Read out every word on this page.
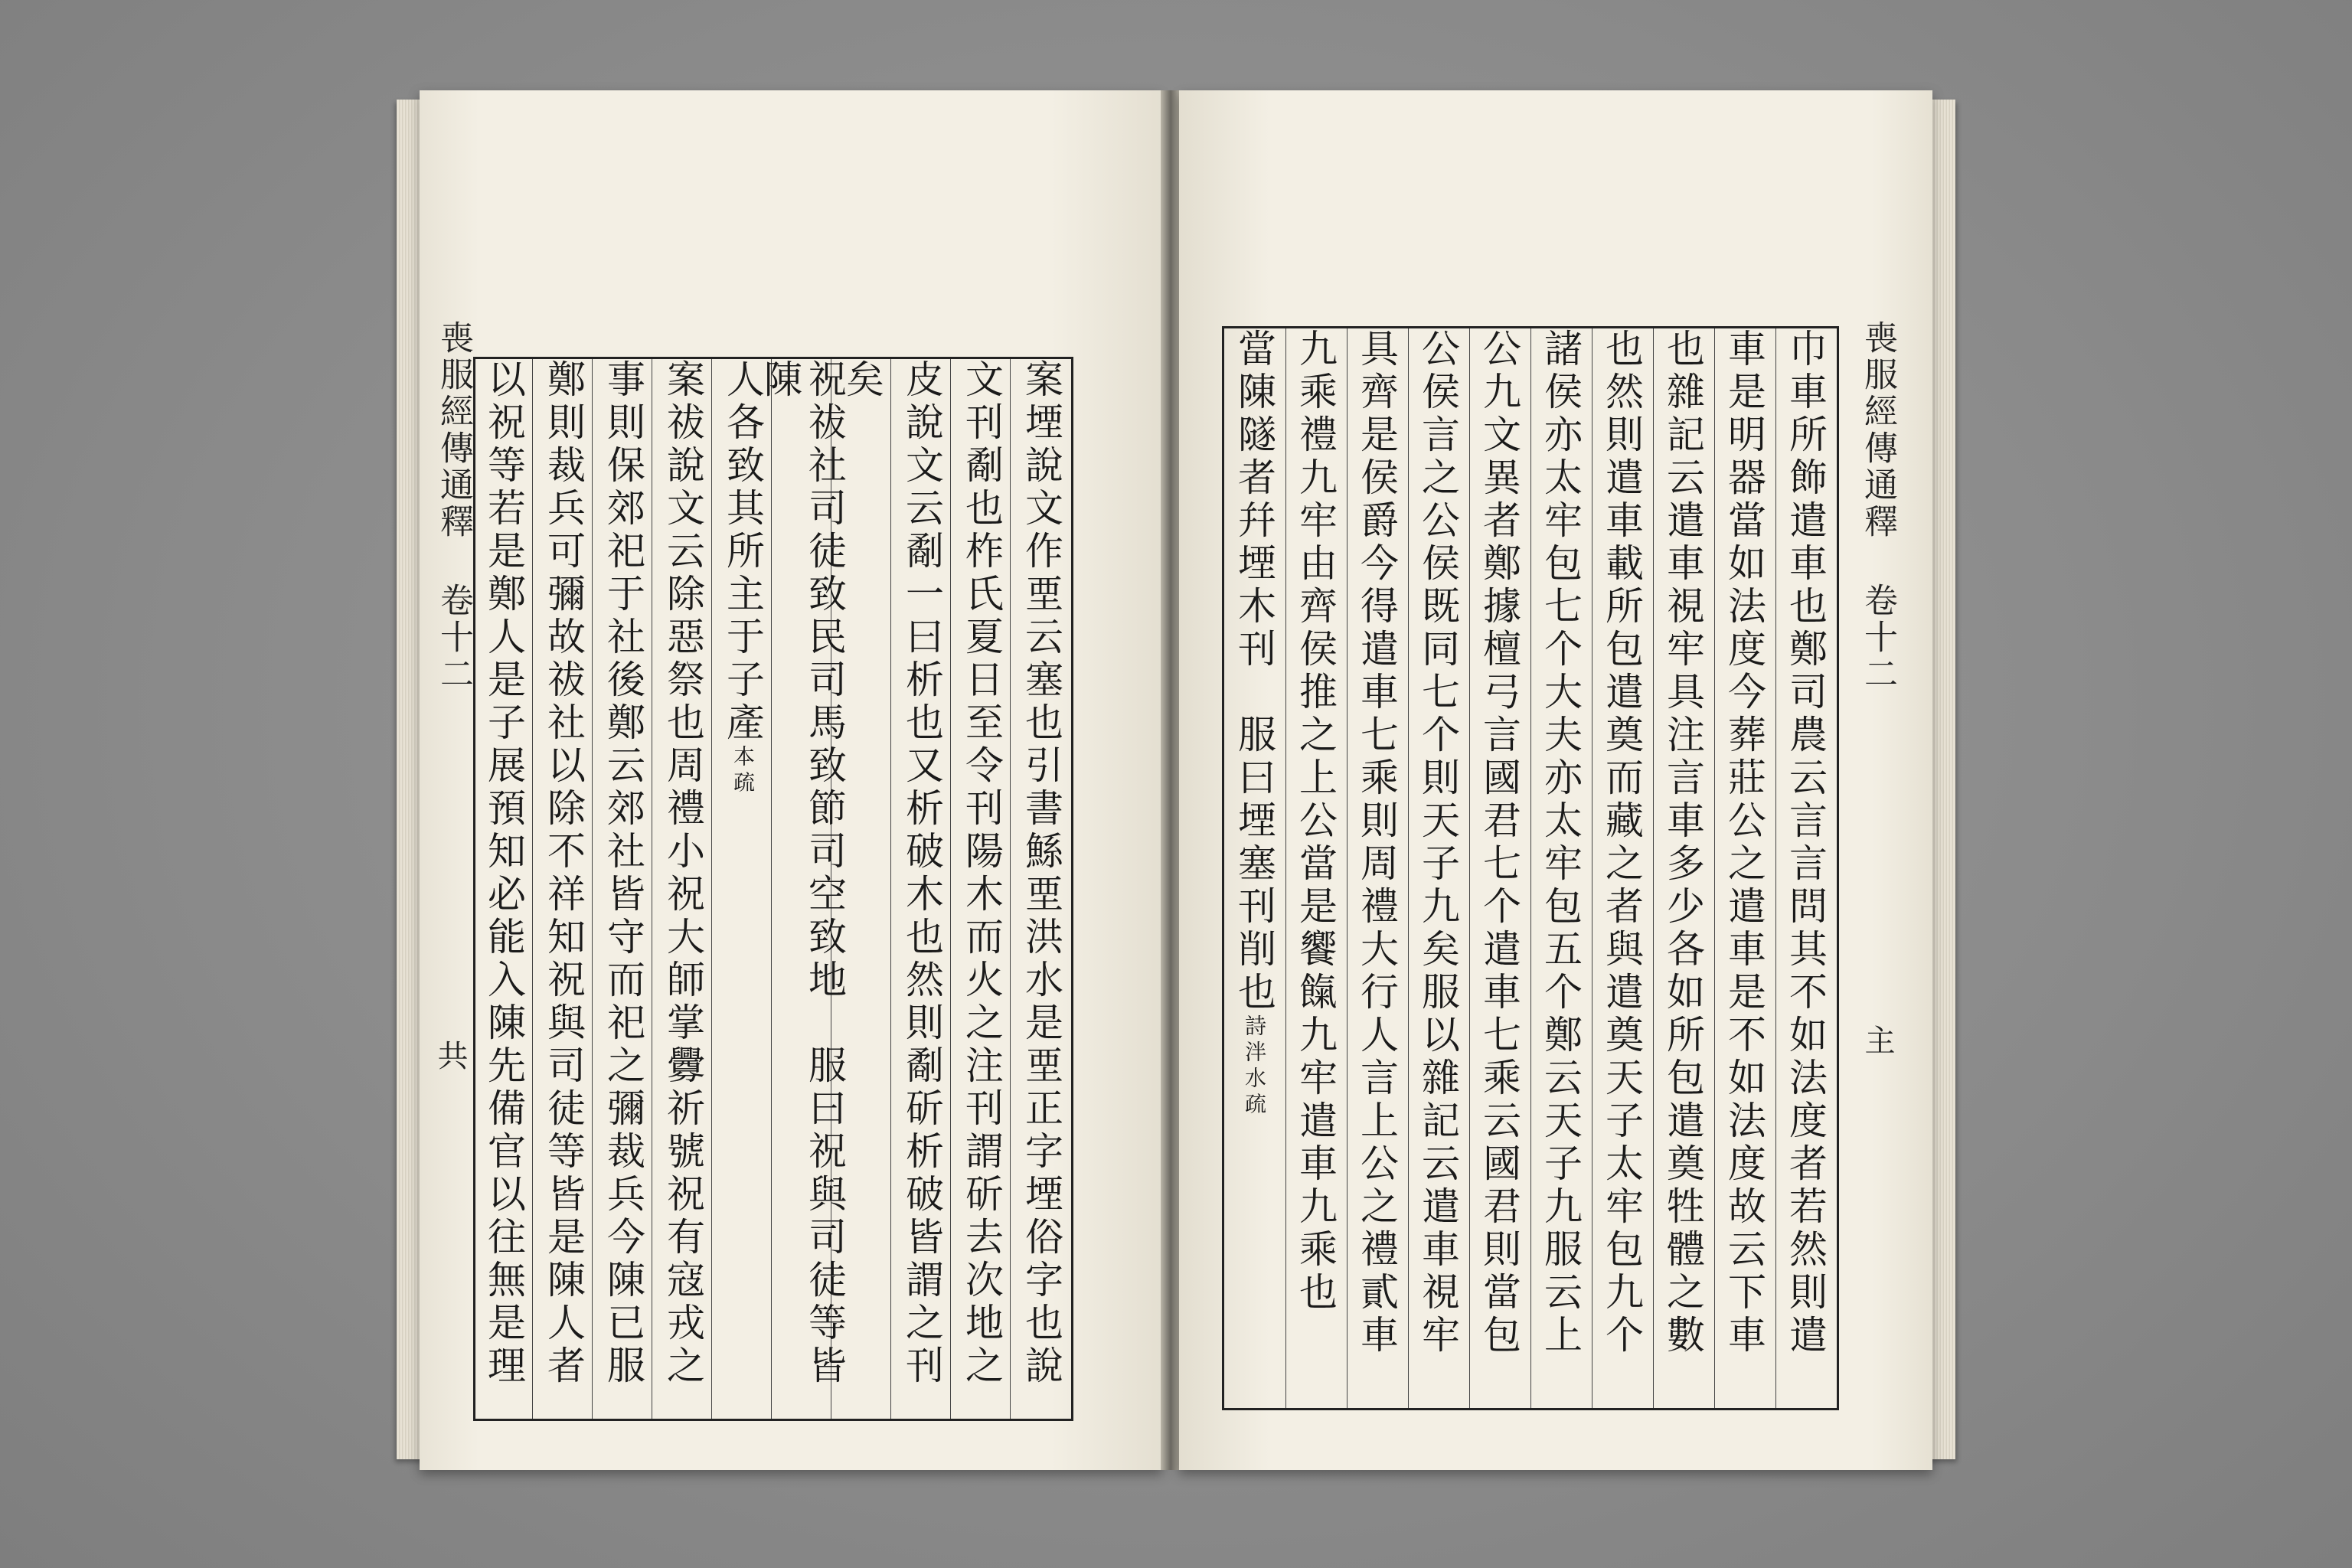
喪服經傳通釋 卷十二
共 以祝等若是鄭人是子展預知必能入陳先備官以往無是理 鄭則裁兵可彌故祓社以除不祥知祝與司徒等皆是陳人者 事則保郊祀于社後鄭云郊社皆守而祀之彌裁兵今陳已服 案祓說文云除惡祭也周禮小祝大師掌釁祈號祝有寇戎之 人各致其所主于子產
本
疏	祝祓社司徒致民司馬致節司空致地　服曰祝與司徒等皆陳 矣 皮說文云劀一曰析也又析破木也然則劀斫析破皆謂之刊 文刊劀也柞氏夏日至令刊陽木而火之注刊謂斫去次地之 案堙說文作垔云塞也引書鯀垔洪水是垔正字堙俗字也說	巾車所飾遣車也鄭司農云言言問其不如法度者若然則遣
車是明器當如法度今葬莊公之遣車是不如法度故云下車
也雜記云遣車視牢具注言車多少各如所包遣奠牲體之數
也然則遣車載所包遣奠而藏之者與遣奠天子太牢包九个
諸侯亦太牢包七个大夫亦太牢包五个鄭云天子九服云上
公九文異者鄭據檀弓言國君七个遣車七乘云國君則當包
公侯言之公侯既同七个則天子九矣服以雜記云遣車視牢
具齊是侯爵今得遣車七乘則周禮大行人言上公之禮貳車
九乘禮九牢由齊侯推之上公當是饗餼九牢遣車九乘也
當陳隧者幷堙木刊　服曰堙塞刊削也
詩泮
水疏
喪服經傳通釋 卷十二
主
